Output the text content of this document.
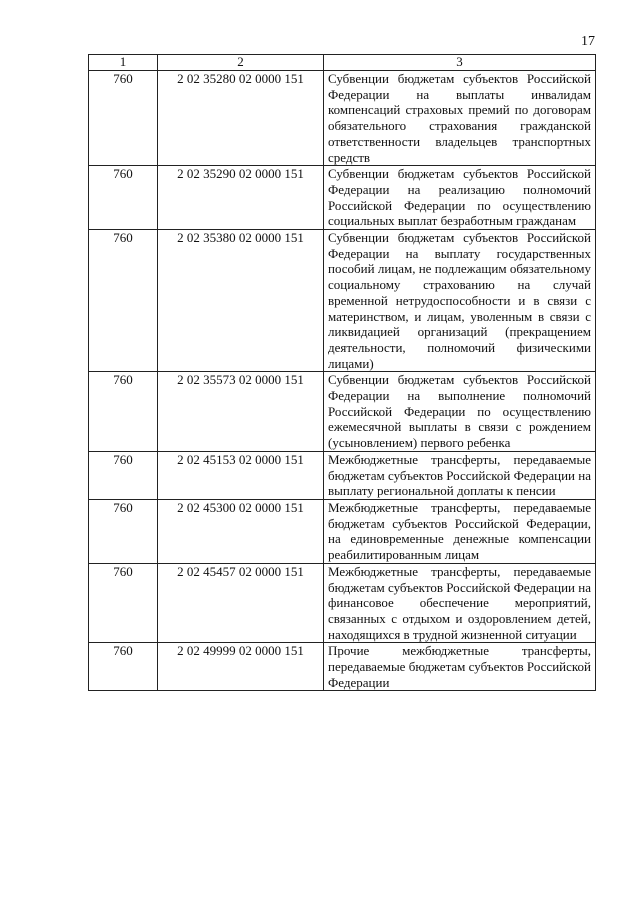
17
1	2	3
760	2 02 35280 02 0000 151	Субвенции бюджетам субъектов Российской Федерации на выплаты инвалидам компенсаций страховых премий по договорам обязательного страхования гражданской ответственности владельцев транспортных средств
760	2 02 35290 02 0000 151	Субвенции бюджетам субъектов Российской Федерации на реализацию полномочий Российской Федерации по осуществлению социальных выплат безработным гражданам
760	2 02 35380 02 0000 151	Субвенции бюджетам субъектов Российской Федерации на выплату государственных пособий лицам, не подлежащим обязательному социальному страхованию на случай временной нетрудоспособности и в связи с материнством, и лицам, уволенным в связи с ликвидацией организаций (прекращением деятельности, полномочий физическими лицами)
760	2 02 35573 02 0000 151	Субвенции бюджетам субъектов Российской Федерации на выполнение полномочий Российской Федерации по осуществлению ежемесячной выплаты в связи с рождением (усыновлением) первого ребенка
760	2 02 45153 02 0000 151	Межбюджетные трансферты, передаваемые бюджетам субъектов Российской Федерации на выплату региональной доплаты к пенсии
760	2 02 45300 02 0000 151	Межбюджетные трансферты, передаваемые бюджетам субъектов Российской Федерации, на единовременные денежные компенсации реабилитированным лицам
760	2 02 45457 02 0000 151	Межбюджетные трансферты, передаваемые бюджетам субъектов Российской Федерации на финансовое обеспечение мероприятий, связанных с отдыхом и оздоровлением детей, находящихся в трудной жизненной ситуации
760	2 02 49999 02 0000 151	Прочие межбюджетные трансферты, передаваемые бюджетам субъектов Российской Федерации
